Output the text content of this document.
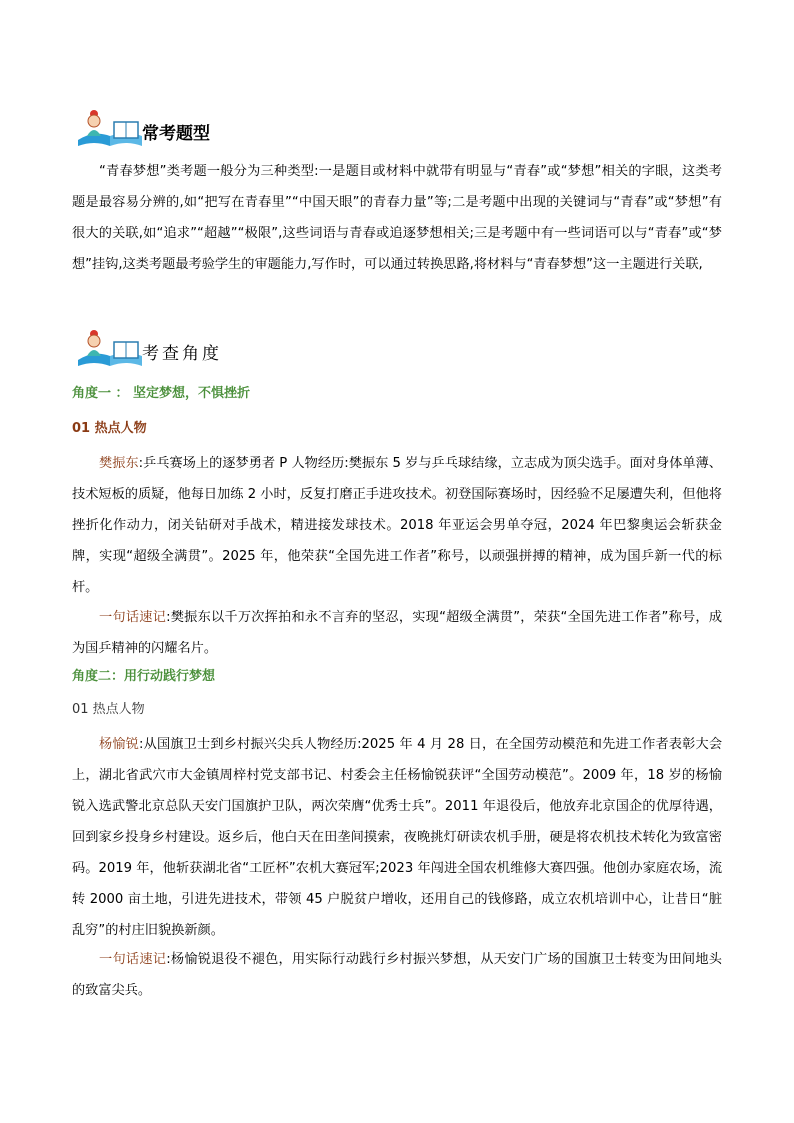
常考题型

“青春梦想”类考题一般分为三种类型:一是题目或材料中就带有明显与“青春”或“梦想”相关的字眼，这类考题是最容易分辨的,如“把写在青春里”“中国天眼”的青春力量”等;二是考题中出现的关键词与“青春”或“梦想”有很大的关联,如“追求”“超越”“极限”,这些词语与青春或追逐梦想相关;三是考题中有一些词语可以与“青春”或“梦想”挂钩,这类考题最考验学生的审题能力,写作时，可以通过转换思路,将材料与“青春梦想”这一主题进行关联,

考查角度
角度一 ： 坚定梦想，不惧挫折
01 热点人物

樊振东:乒乓赛场上的逐梦勇者 P 人物经历:樊振东 5 岁与乒乓球结缘，立志成为顶尖选手。面对身体单薄、技术短板的质疑，他每日加练 2 小时，反复打磨正手进攻技术。初登国际赛场时，因经验不足屡遭失利，但他将挫折化作动力，闭关钻研对手战术，精进接发球技术。2018 年亚运会男单夺冠，2024 年巴黎奥运会斩获金牌，实现“超级全满贯”。2025 年，他荣获“全国先进工作者”称号，以顽强拼搏的精神，成为国乒新一代的标杆。

一句话速记:樊振东以千万次挥拍和永不言弃的坚忍，实现“超级全满贯”，荣获“全国先进工作者”称号，成为国乒精神的闪耀名片。

角度二：用行动践行梦想
01 热点人物

杨愉锐:从国旗卫士到乡村振兴尖兵人物经历:2025 年 4 月 28 日，在全国劳动模范和先进工作者表彰大会上，湖北省武穴市大金镇周梓村党支部书记、村委会主任杨愉锐获评“全国劳动模范”。2009 年，18 岁的杨愉锐入选武警北京总队天安门国旗护卫队，两次荣膺“优秀士兵”。2011 年退役后，他放弃北京国企的优厚待遇，回到家乡投身乡村建设。返乡后，他白天在田垄间摸索，夜晚挑灯研读农机手册，硬是将农机技术转化为致富密码。2019 年，他斩获湖北省“工匠杯”农机大赛冠军;2023 年闯进全国农机维修大赛四强。他创办家庭农场，流转 2000 亩土地，引进先进技术，带领 45 户脱贫户增收，还用自己的钱修路，成立农机培训中心，让昔日“脏乱穷”的村庄旧貌换新颜。

一句话速记:杨愉锐退役不褪色，用实际行动践行乡村振兴梦想，从天安门广场的国旗卫士转变为田间地头的致富尖兵。
